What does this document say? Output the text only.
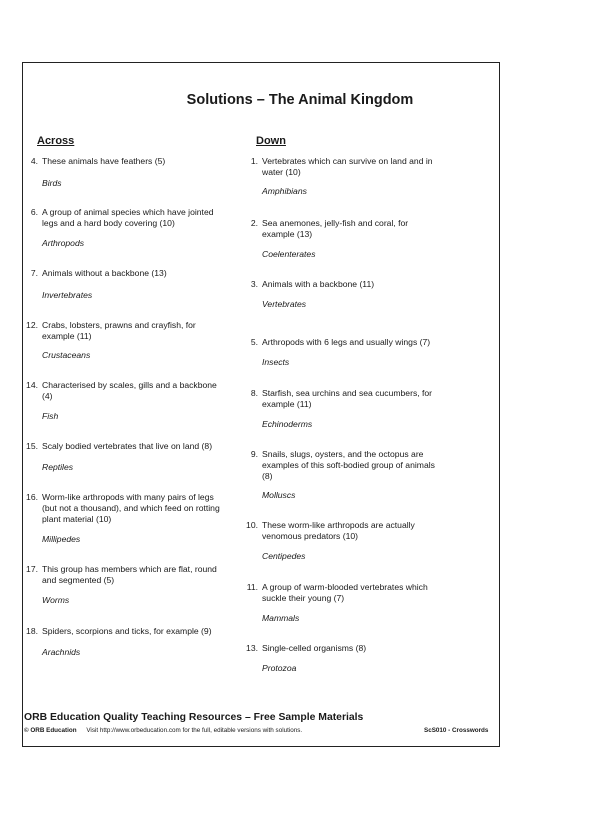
Solutions – The Animal Kingdom
Across	Down
4. These animals have feathers (5)
Birds
6. A group of animal species which have jointed
legs and a hard body covering (10)
Arthropods
7. Animals without a backbone (13)
Invertebrates
12. Crabs, lobsters, prawns and crayfish, for
example (11)
Crustaceans
14. Characterised by scales, gills and a backbone
(4)
Fish
15. Scaly bodied vertebrates that live on land (8)
Reptiles
16. Worm-like arthropods with many pairs of legs
(but not a thousand), and which feed on rotting
plant material (10)
Millipedes
17. This group has members which are flat, round
and segmented (5)
Worms
18. Spiders, scorpions and ticks, for example (9)
Arachnids
1. Vertebrates which can survive on land and in
water (10)
Amphibians
2. Sea anemones, jelly-fish and coral, for
example (13)
Coelenterates
3. Animals with a backbone (11)
Vertebrates
5. Arthropods with 6 legs and usually wings (7)
Insects
8. Starfish, sea urchins and sea cucumbers, for
example (11)
Echinoderms
9. Snails, slugs, oysters, and the octopus are
examples of this soft-bodied group of animals
(8)
Molluscs
10. These worm-like arthropods are actually
venomous predators (10)
Centipedes
11. A group of warm-blooded vertebrates which
suckle their young (7)
Mammals
13. Single-celled organisms (8)
Protozoa
ORB Education Quality Teaching Resources – Free Sample Materials
© ORB Education Visit http://www.orbeducation.com for the full, editable versions with solutions.	ScS010 - Crosswords
